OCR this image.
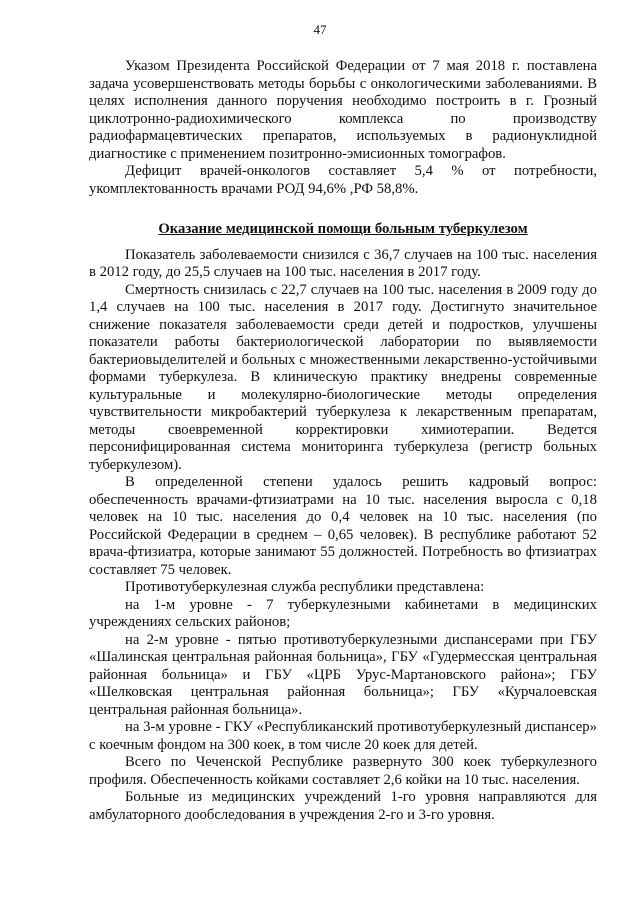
47

Указом Президента Российской Федерации от 7 мая 2018 г. поставлена задача усовершенствовать методы борьбы с онкологическими заболеваниями. В целях исполнения данного поручения необходимо построить в г. Грозный циклотронно-радиохимического комплекса по производству радиофармацевтических препаратов, используемых в радионуклидной диагностике с применением позитронно-эмисионных томографов.

Дефицит врачей-онкологов составляет 5,4 % от потребности, укомплектованность врачами РОД 94,6% ,РФ 58,8%.

Оказание медицинской помощи больным туберкулезом

Показатель заболеваемости снизился с 36,7 случаев на 100 тыс. населения в 2012 году, до 25,5 случаев на 100 тыс. населения в 2017 году.

Смертность снизилась с 22,7 случаев на 100 тыс. населения в 2009 году до 1,4 случаев на 100 тыс. населения в 2017 году. Достигнуто значительное снижение показателя заболеваемости среди детей и подростков, улучшены показатели работы бактериологической лаборатории по выявляемости бактериовыделителей и больных с множественными лекарственно-устойчивыми формами туберкулеза. В клиническую практику внедрены современные культуральные и молекулярно-биологические методы определения чувствительности микробактерий туберкулеза к лекарственным препаратам, методы своевременной корректировки химиотерапии. Ведется персонифицированная система мониторинга туберкулеза (регистр больных туберкулезом).

В определенной степени удалось решить кадровый вопрос: обеспеченность врачами-фтизиатрами на 10 тыс. населения выросла с 0,18 человек на 10 тыс. населения до 0,4 человек на 10 тыс. населения (по Российской Федерации в среднем – 0,65 человек). В республике работают 52 врача-фтизиатра, которые занимают 55 должностей. Потребность во фтизиатрах составляет 75 человек.

Противотуберкулезная служба республики представлена:

на 1-м уровне - 7 туберкулезными кабинетами в медицинских учреждениях сельских районов;

на 2-м уровне - пятью противотуберкулезными диспансерами при ГБУ «Шалинская центральная районная больница», ГБУ «Гудермесская центральная районная больница» и ГБУ «ЦРБ Урус-Мартановского района»; ГБУ «Шелковская центральная районная больница»; ГБУ «Курчалоевская центральная районная больница».

на 3-м уровне - ГКУ «Республиканский противотуберкулезный диспансер» с коечным фондом на 300 коек, в том числе 20 коек для детей.

Всего по Чеченской Республике развернуто 300 коек туберкулезного профиля. Обеспеченность койками составляет 2,6 койки на 10 тыс. населения.

Больные из медицинских учреждений 1-го уровня направляются для амбулаторного дообследования в учреждения 2-го и 3-го уровня.
